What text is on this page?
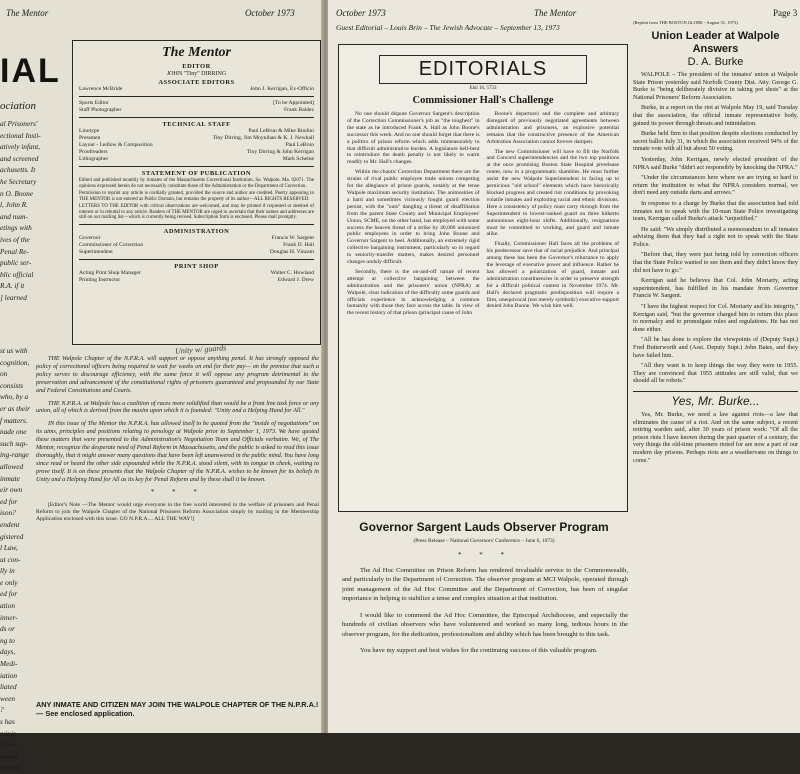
The Mentor	October 1973
IAL
ociation
al Prisoners'
ectional Insti-
atively infant,
and screened
achusetts. It
he Secretary
n O. Boone
l, John R.
and num-
etings with
ives of the
Penal Re-
public ser-
blic official
R.A. if it
] learned
st us with
cognition,
on consists
who, by a
er as their
f matters.
nade one
such sup-
ing-range
allowed
inmate
eir own
ed for
ison?
endent
gistered
l Law,
ut con-
lly in
e only
ed for
ation
inner-
ds or
ng to
days,
Medi-
iation
liated
ween
?
s has
minis-
other-
nment
endent,
The Mentor
EDITOR
JOHN "Tiny" DIRRING
ASSOCIATE EDITORS
Lawrence McBride	John J. Kerrigan, Ex-Officio
Sports Editor	[To be Appointed]
Staff Photographer	Frank Baldez
TECHNICAL STAFF
Linotype	Paul LeBrun & Mike Rindini
Pressmen	Tiny Dirring, Jim Moynihan & K. J. Newhall
Layout - Ledlow & Composition	Paul LeBrun
Proofreaders	Tiny Dirring & John Kerrigan
Lithographer	Mark Scheine
STATEMENT OF PUBLICATION
Edited and published monthly by inmates of the Massachusetts Correctional Institution, So. Walpole, Ma. 02071. The opinions expressed herein do not necessarily constitute those of the Administration or the Department of Correction.
Permission to reprint any article is cordially granted, provided the source and author are credited. Poetry appearing in THE MENTOR is not entered as Public Domain, but remains the property of its author—ALL RIGHTS RESERVED.
LETTERS TO THE EDITOR with critical observations are welcomed, and may be printed if requested or deemed of interest or in rebuttal to any article. Readers of THE MENTOR are urged to ascertain that their names and addresses are still on our mailing list—which is currently being revised. Subscription form is enclosed. Please mail promptly.
ADMINISTRATION
Governor	Francis W. Sargent
Commissioner of Correction	Frank D. Hall
Superintendent	Douglas H. Vinzant
PRINT SHOP
Acting Print Shop Manager	Walter C. Howland
Printing Instructor	Edward J. Drew
Unity w/ guards

THE Walpole Chapter of the N.P.R.A. will support or oppose anything penal. It has strongly opposed the policy of correctional officers being required to wait for weeks on end for their pay— on the premise that such a policy serves to discourage efficiency, with the same force it will oppose any program detrimental to the preservation and advancement of the constitutional rights of prisoners guaranteed and propounded by our State and Federal Constitutions and Courts.

THE N.P.R.A. at Walpole has a coalition of races more solidified than would be a front line task force or any union, all of which is derived from the maxim upon which it is founded: "Unity and a Helping Hand for All."

IN this issue of The Mentor the N.P.R.A. has allowed itself to be quoted from the "inside of negotiations" on its aims, principles and positions relating to penology at Walpole prior to September 1, 1973. We have quoted these matters that were presented to the Administration's Negotiation Team and Officials verbatim. We, of The Mentor, recognize the desperate need of Penal Reform in Massachusetts, and the public is asked to read this issue thoroughly, that it might answer many questions that have been left unanswered in the public mind. You have long since read or heard the other side expounded while the N.P.R.A. stood silent, with its tongue in cheek, waiting to prove itself. It is on these presents that the Walpole Chapter of the N.P.R.A. wishes to be known for its beliefs in Unity and a Helping Hand for All as its key for Penal Reform and by these shall it be known.

* * *

[Editor's Note —The Mentor would urge everyone in the free world interested in the welfare of prisoners and Penal Reform to join the Walpole Chapter of the National Prisoners Reform Association simply by mailing in the Membership Application enclosed with this issue. GO N.P.R.A.... ALL THE WAY!]

ANY INMATE AND CITIZEN MAY JOIN THE WALPOLE CHAPTER OF THE N.P.R.A.! — See enclosed application.
October 1973	The Mentor	Page 3
(Reprint from THE BOSTON GLOBE - August 31, 1973)
Guest Editorial – Louis Brin – The Jewish Advocate – September 13, 1973
EDITORIALS
Elul 16, 5733
Commissioner Hall's Challenge

No one should dispute Governor Sargent's description of the Correction Commissioner's job as "the toughest" in the state as he introduced Frank A. Hall as John Boone's successor this week. And no one should forget that there is a politics of prison reform which adds immeasurably to that difficult administrative burden. A legislature hell-bent to reintroduce the death penalty is not likely to warm readily to Mr. Hall's changes.

Within the chaotic Correction Department there are the strains of rival public employee trade unions competing for the allegiance of prison guards, notably at the tense Walpole maximum security institution. The animosities of a hard and sometimes viciously fought guard election persist, with the "outs" dangling a threat of disaffiliation from the parent State County and Municipal Employees' Union, SCME, on the other hand, has employed with some success the heaven threat of a strike by 40,000 unionized public employees in order to bring John Boone and Governor Sargent to heel. Additionally, an extremely rigid collective bargaining instrument, particularly so in regard to seniority-transfer matters, makes desired personnel changes unduly difficult.

Secondly, there is the on-and-off nature of recent attempt at collective bargaining between the administration and the prisoners' union (NPRA) at Walpole, clear indication of the difficulty some guards and officials experience in acknowledging a common humanity with those they face across the table. In view of the recent history of that prison (principal cause of John

Boone's departure) and the complete and arbitrary disregard of previously negotiated agreements between administration and prisoners, an explosive potential remains that the constructive presence of the American Arbitration Association cannot forever dampen.

The new Commissioner will have to fill the Norfolk and Concord superintendencies and the two top positions at the once promising Boston State Hospital prerelease center, now in a programmatic shambles. He must further assist the new Walpole Superintendent in facing up to pernicious "old school" elements which have historically blocked progress and created riot conditions by provoking volatile inmates and exploiting racial and ethnic divisions. Here a consistency of policy must carry through from the Superintendent to lowest-ranked guard on three hitherto autonomous eight-hour shifts. Additionally, resignations must be committed to working, and guard and inmate alike.

Finally, Commissioner Hall faces all the problems of his predecessor save that of racial prejudice. And principal among these has been the Governor's reluctance to apply the leverage of executive power and influence. Rather he has allowed a polarization of guard, inmate and administration constituencies in order to preserve strength for a difficult political contest in November 1974. Mr. Hall's declared pragmatic predisposition will require a firm, unequivocal (not merely symbolic) executive support denied John Boone. We wish him well.

Union Leader at Walpole Answers
D. A. Burke

WALPOLE – The president of the inmates' union at Walpole State Prison yesterday said Norfolk County Dist. Atty. George G. Burke is "being deliberately divisive in taking pot shots" at the National Prisoners' Reform Association.

Burke, in a report on the riot at Walpole May 19, said Tuesday that the association, the official inmate representative body, gained its power through threats and intimidation.

Burke held firm to that position despite elections conducted by secret ballot July 31, in which the association received 94% of the inmate vote with all but about 50 voting.

Yesterday, John Kerrigan, newly elected president of the NPRA said Burke "didn't act responsibly by knocking the NPRA."

"Under the circumstances here where we are trying so hard to return the institution to what the NPRA considers normal, we don't need any outside darts and arrows."

In response to a charge by Burke that the association had told inmates not to speak with the 10-man State Police investigating team, Kerrigan called Burke's attack "unjustified."

He said: "We simply distributed a memorandum to all inmates advising them that they had a right not to speak with the State Police.

"Before that, they were just being told by correction officers that the State Police wanted to see them and they didn't know they did not have to go."

Kerrigan said he believes that Col. John Moriarty, acting superintendent, has fulfilled in his mandate from Governor Francis W. Sargent.

"I have the highest respect for Col. Moriarty and his integrity," Kerrigan said, "but the governor charged him to return this place to normalcy and to promulgate rules and regulations. He has not done either.

"All he has done is explore the viewpoints of (Deputy Supt.) Fred Butterworth and (Asst. Deputy Supt.) John Bates, and they have failed him.

"All they want is to keep things the way they were in 1955. They are convinced that 1955 attitudes are still valid, that we should all be robots."

Yes, Mr. Burke...

Yes, Mr. Burke, we need a law against riots—a law that eliminates the cause of a riot. And on the same subject, a recent retiring warden said, after 30 years of prison work: "Of all the prison riots I have known during the past quarter of a century, the very things the old-time prisoners rioted for are now a part of our modern day prisons. Perhaps riots are a weathervane on things to come."

Governor Sargent Lauds Observer Program
(Press Release – National Governors' Conference – June 6, 1973)
* * *

The Ad Hoc Committee on Prison Reform has rendered invaluable service to the Commonwealth, and particularly to the Department of Correction. The observer program at MCI Walpole, operated through joint management of the Ad Hoc Committee and the Department of Correction, has been of singular importance in helping to stabilize a tense and complex situation at that institution.

I would like to commend the Ad Hoc Committee, the Episcopal Archdiocese, and especially the hundreds of civilian observers who have volunteered and worked so many long, tedious hours in the observer program, for the dedication, professionalism and ability which has been brought to this task.

You have my support and best wishes for the continuing success of this valuable program.
